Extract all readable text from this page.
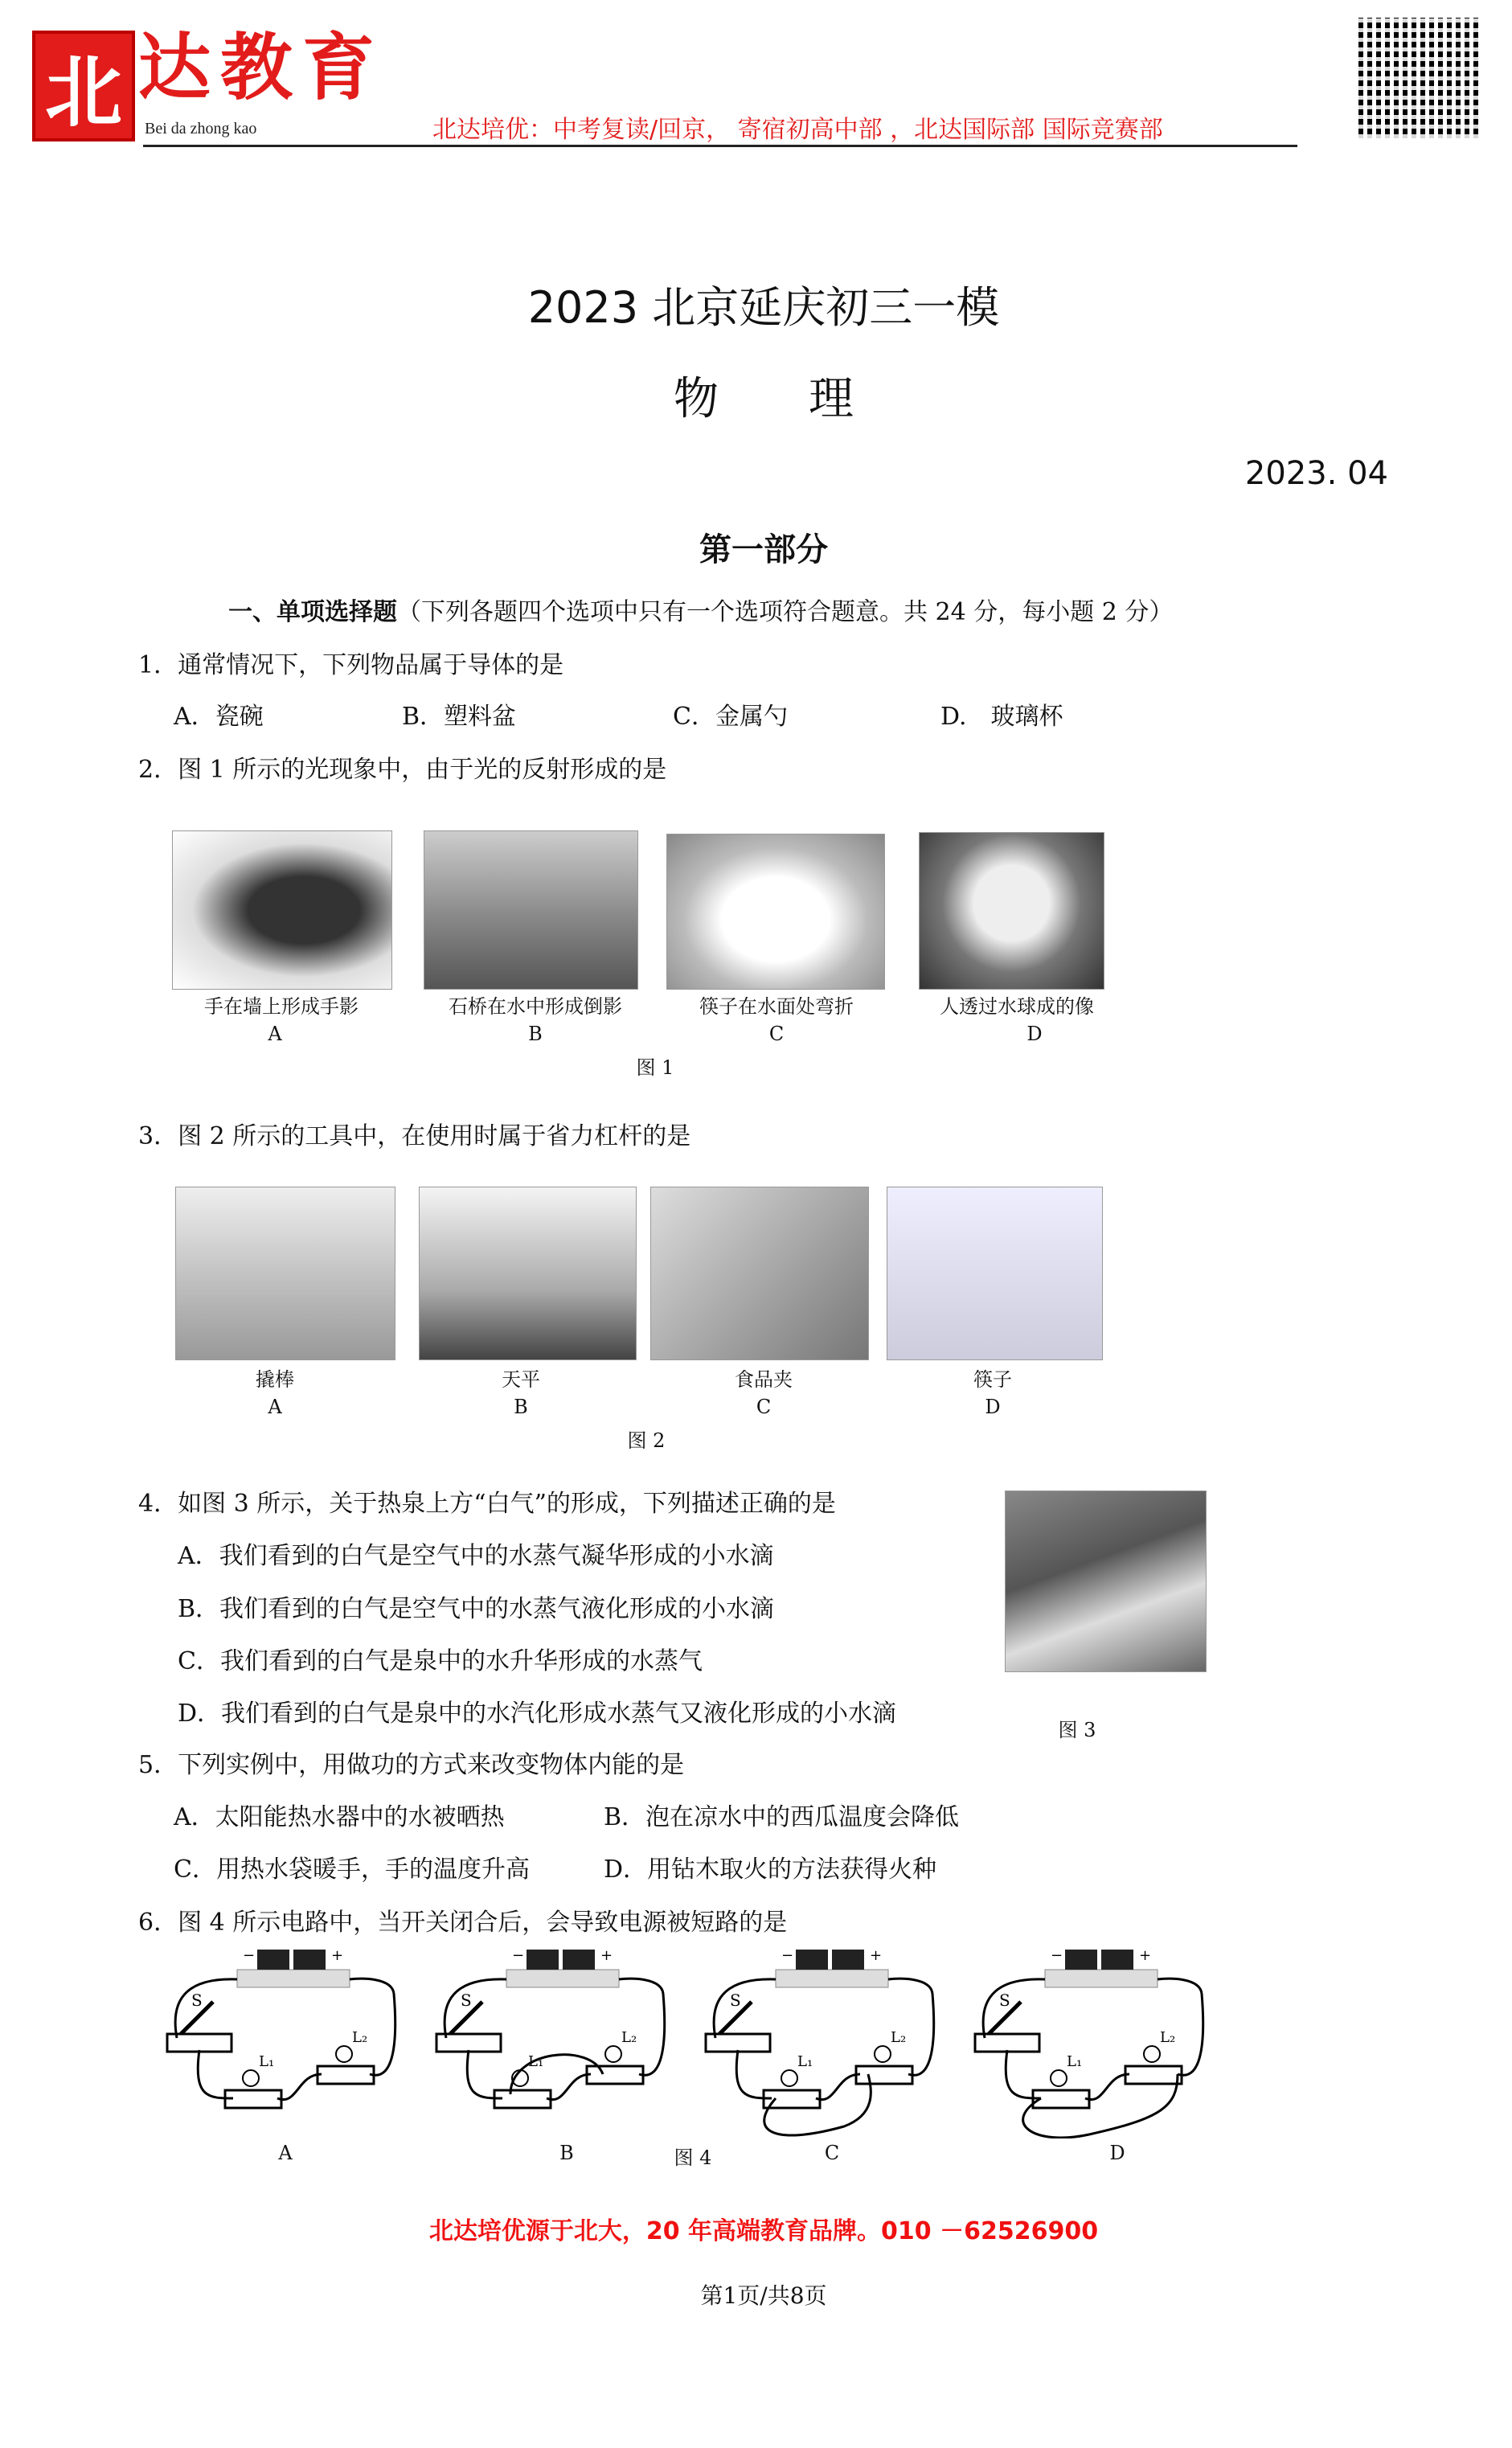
北 达教育
Bei da zhong kao	北达培优：中考复读/回京， 寄宿初高中部 ，北达国际部 国际竞赛部
2023 北京延庆初三一模
物　　理
2023. 04
第一部分
一、单项选择题（下列各题四个选项中只有一个选项符合题意。共 24 分，每小题 2 分）
1．通常情况下，下列物品属于导体的是
A．瓷碗	B．塑料盆	C．金属勺	D.　玻璃杯
2．图 1 所示的光现象中，由于光的反射形成的是
手在墙上形成手影	石桥在水中形成倒影	筷子在水面处弯折	人透过水球成的像
A	B	C	D
图 1
3．图 2 所示的工具中，在使用时属于省力杠杆的是
撬棒	天平	食品夹	筷子
A	B	C	D
图 2
4．如图 3 所示，关于热泉上方“白气”的形成，下列描述正确的是
图 3
A．我们看到的白气是空气中的水蒸气凝华形成的小水滴
B．我们看到的白气是空气中的水蒸气液化形成的小水滴
C．我们看到的白气是泉中的水升华形成的水蒸气
D．我们看到的白气是泉中的水汽化形成水蒸气又液化形成的小水滴
5．下列实例中，用做功的方式来改变物体内能的是
A．太阳能热水器中的水被晒热	B．泡在凉水中的西瓜温度会降低
C．用热水袋暖手，手的温度升高	D．用钻木取火的方法获得火种
6．图 4 所示电路中，当开关闭合后，会导致电源被短路的是
−	+
S
L₁
L₂
−	+
S
L₁
L₂
−	+
S
L₁
L₂
−	+
S
L₁
L₂
A	B	C	D
图 4
北达培优源于北大，20 年高端教育品牌。010 －62526900
第1页/共8页
